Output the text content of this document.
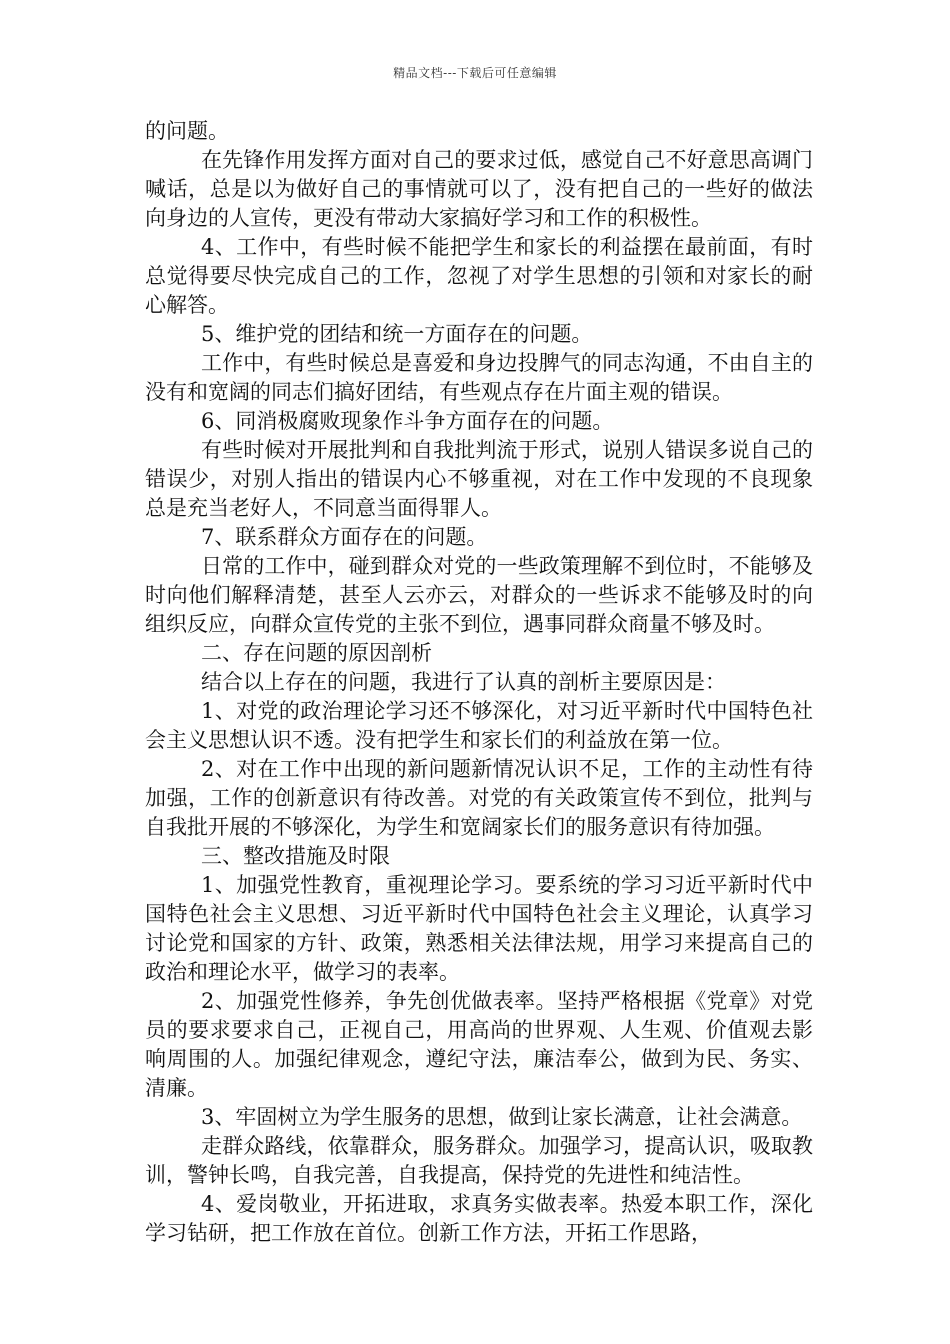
精品文档---下载后可任意编辑

的问题。

在先锋作用发挥方面对自己的要求过低，感觉自己不好意思高调门喊话，总是以为做好自己的事情就可以了，没有把自己的一些好的做法向身边的人宣传，更没有带动大家搞好学习和工作的积极性。

4、工作中，有些时候不能把学生和家长的利益摆在最前面，有时总觉得要尽快完成自己的工作，忽视了对学生思想的引领和对家长的耐心解答。

5、维护党的团结和统一方面存在的问题。

工作中，有些时候总是喜爱和身边投脾气的同志沟通，不由自主的没有和宽阔的同志们搞好团结，有些观点存在片面主观的错误。

6、同消极腐败现象作斗争方面存在的问题。

有些时候对开展批判和自我批判流于形式，说别人错误多说自己的错误少，对别人指出的错误内心不够重视，对在工作中发现的不良现象总是充当老好人，不同意当面得罪人。

7、联系群众方面存在的问题。

日常的工作中，碰到群众对党的一些政策理解不到位时，不能够及时向他们解释清楚，甚至人云亦云，对群众的一些诉求不能够及时的向组织反应，向群众宣传党的主张不到位，遇事同群众商量不够及时。

二、存在问题的原因剖析

结合以上存在的问题，我进行了认真的剖析主要原因是：

1、对党的政治理论学习还不够深化，对习近平新时代中国特色社会主义思想认识不透。没有把学生和家长们的利益放在第一位。

2、对在工作中出现的新问题新情况认识不足，工作的主动性有待加强，工作的创新意识有待改善。对党的有关政策宣传不到位，批判与自我批开展的不够深化，为学生和宽阔家长们的服务意识有待加强。

三、整改措施及时限

1、加强党性教育，重视理论学习。要系统的学习习近平新时代中国特色社会主义思想、习近平新时代中国特色社会主义理论，认真学习讨论党和国家的方针、政策，熟悉相关法律法规，用学习来提高自己的政治和理论水平，做学习的表率。

2、加强党性修养，争先创优做表率。坚持严格根据《党章》对党员的要求要求自己，正视自己，用高尚的世界观、人生观、价值观去影响周围的人。加强纪律观念，遵纪守法，廉洁奉公，做到为民、务实、清廉。

3、牢固树立为学生服务的思想，做到让家长满意，让社会满意。

走群众路线，依靠群众，服务群众。加强学习，提高认识，吸取教训，警钟长鸣，自我完善，自我提高，保持党的先进性和纯洁性。

4、爱岗敬业，开拓进取，求真务实做表率。热爱本职工作，深化学习钻研，把工作放在首位。创新工作方法，开拓工作思路，
